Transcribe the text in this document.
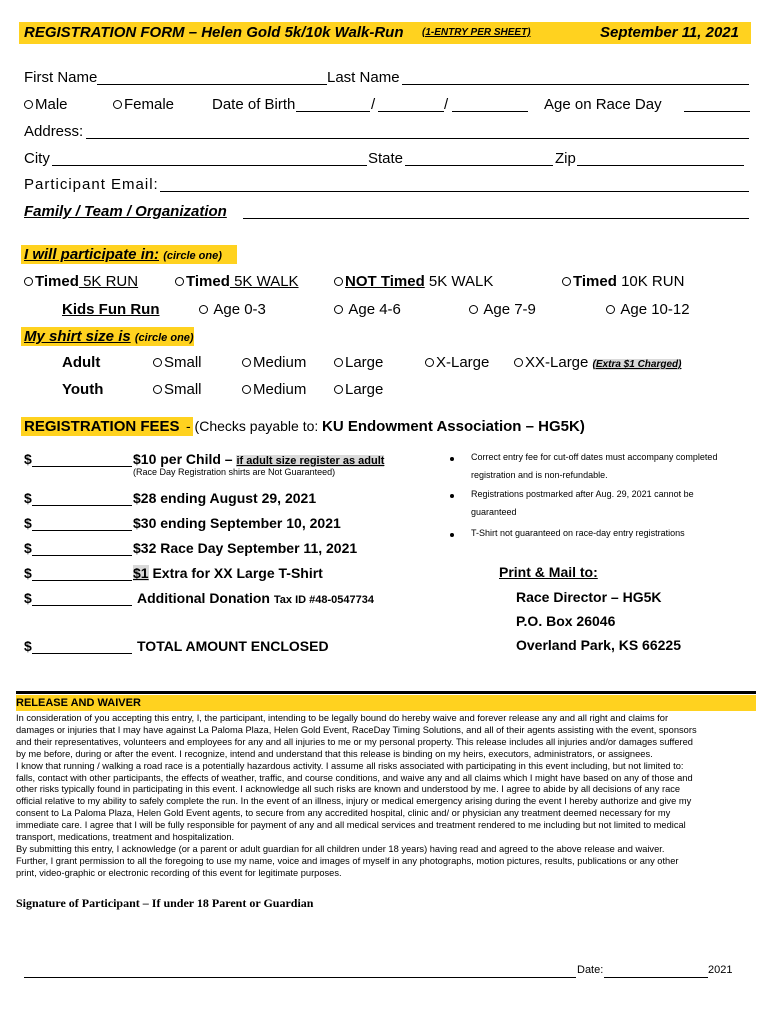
REGISTRATION FORM – Helen Gold 5k/10k Walk-Run (1-ENTRY PER SHEET)	September 11, 2021
First Name	Last Name
Male	Female	Date of Birth	/	/	Age on Race Day
Address:
City	State	Zip
Participant Email:
Family / Team / Organization
I will participate in: (circle one)
Timed 5K RUN	Timed 5K WALK	NOT Timed 5K WALK	Timed 10K RUN
Kids Fun Run	Age 0-3	Age 4-6	Age 7-9	Age 10-12
My shirt size is (circle one)
Adult	Small	Medium	Large	X-Large	XX-Large (Extra $1 Charged)
Youth	Small	Medium	Large
REGISTRATION FEES - (Checks payable to: KU Endowment Association – HG5K)
$	$10 per Child – if adult size register as adult
(Race Day Registration shirts are Not Guaranteed)
$	$28 ending August 29, 2021
$	$30 ending September 10, 2021
$	$32 Race Day September 11, 2021
$	$1 Extra for XX Large T-Shirt
$	Additional Donation Tax ID #48-0547734
$	TOTAL AMOUNT ENCLOSED
Correct entry fee for cut-off dates must accompany completed
registration and is non-refundable.
Registrations postmarked after Aug. 29, 2021 cannot be
guaranteed
T-Shirt not guaranteed on race-day entry registrations
Print & Mail to:
Race Director – HG5K
P.O. Box 26046
Overland Park, KS 66225
RELEASE AND WAIVER
In consideration of you accepting this entry, I, the participant, intending to be legally bound do hereby waive and forever release any and all right and claims for
damages or injuries that I may have against La Paloma Plaza, Helen Gold Event, RaceDay Timing Solutions, and all of their agents assisting with the event, sponsors
and their representatives, volunteers and employees for any and all injuries to me or my personal property. This release includes all injuries and/or damages suffered
by me before, during or after the event. I recognize, intend and understand that this release is binding on my heirs, executors, administrators, or assignees.
I know that running / walking a road race is a potentially hazardous activity. I assume all risks associated with participating in this event including, but not limited to:
falls, contact with other participants, the effects of weather, traffic, and course conditions, and waive any and all claims which I might have based on any of those and
other risks typically found in participating in this event. I acknowledge all such risks are known and understood by me. I agree to abide by all decisions of any race
official relative to my ability to safely complete the run. In the event of an illness, injury or medical emergency arising during the event I hereby authorize and give my
consent to La Paloma Plaza, Helen Gold Event agents, to secure from any accredited hospital, clinic and/ or physician any treatment deemed necessary for my
immediate care. I agree that I will be fully responsible for payment of any and all medical services and treatment rendered to me including but not limited to medical
transport, medications, treatment and hospitalization.
By submitting this entry, I acknowledge (or a parent or adult guardian for all children under 18 years) having read and agreed to the above release and waiver.
Further, I grant permission to all the foregoing to use my name, voice and images of myself in any photographs, motion pictures, results, publications or any other
print, video-graphic or electronic recording of this event for legitimate purposes.
Signature of Participant – If under 18 Parent or Guardian
Date:	2021
